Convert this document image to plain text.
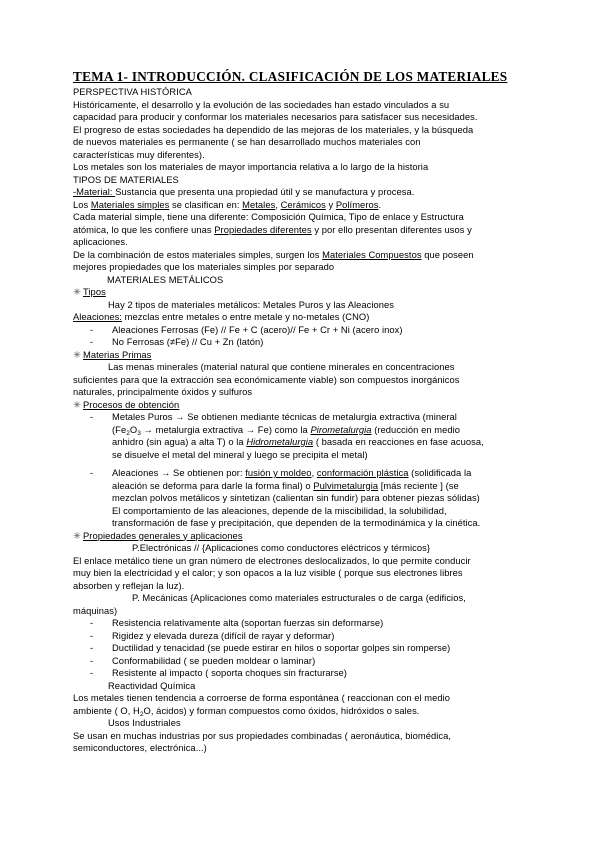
TEMA 1- INTRODUCCIÓN. CLASIFICACIÓN DE LOS MATERIALES
PERSPECTIVA HISTÓRICA
Históricamente, el desarrollo y la evolución de las sociedades han estado vinculados a su
capacidad para producir y conformar los materiales necesarios para satisfacer sus necesidades.
El progreso de estas sociedades ha dependido de las mejoras de los materiales, y la búsqueda
de nuevos materiales es permanente ( se han desarrollado muchos materiales con
características muy diferentes).
Los metales son los materiales de mayor importancia relativa a lo largo de la historia
TIPOS DE MATERIALES
-Material: Sustancia que presenta una propiedad útil y se manufactura y procesa.
Los Materiales simples se clasifican en: Metales, Cerámicos y Polímeros.
Cada material simple, tiene una diferente: Composición Química, Tipo de enlace y Estructura
atómica, lo que les confiere unas Propiedades diferentes y por ello presentan diferentes usos y
aplicaciones.
De la combinación de estos materiales simples, surgen los Materiales Compuestos que poseen
mejores propiedades que los materiales simples por separado
MATERIALES METÁLICOS
✳ Tipos
Hay 2 tipos de materiales metálicos: Metales Puros y las Aleaciones
Aleaciones: mezclas entre metales o entre metale y no-metales (CNO)
- Aleaciones Ferrosas (Fe) // Fe + C (acero)// Fe + Cr + Ni (acero inox)
- No Ferrosas (≠Fe) // Cu + Zn (latón)
✳ Materias Primas
Las menas minerales (material natural que contiene minerales en concentraciones
suficientes para que la extracción sea económicamente viable) son compuestos inorgánicos
naturales, principalmente óxidos y sulfuros
✳ Procesos de obtención
- Metales Puros → Se obtienen mediante técnicas de metalurgia extractiva (mineral
($Fe_2O_3$ → metalurgia extractiva → Fe) como la Pirometalurgia (reducción en medio
anhidro (sin agua) a alta T) o la Hidrometalurgia ( basada en reacciones en fase acuosa,
se disuelve el metal del mineral y luego se precipita el metal)
- Aleaciones → Se obtienen por: fusión y moldeo, conformación plástica (solidificada la
aleación se deforma para darle la forma final) o Pulvimetalurgia [más reciente ] (se
mezclan polvos metálicos y sintetizan (calientan sin fundir) para obtener piezas sólidas)
El comportamiento de las aleaciones, depende de la miscibilidad, la solubilidad,
transformación de fase y precipitación, que dependen de la termodinámica y la cinética.
✳ Propiedades generales y aplicaciones
P.Electrónicas // {Aplicaciones como conductores eléctricos y térmicos}
El enlace metálico tiene un gran número de electrones deslocalizados, lo que permite conducir
muy bien la electricidad y el calor; y son opacos a la luz visible ( porque sus electrones libres
absorben y reflejan la luz).
P. Mecánicas {Aplicaciones como materiales estructurales o de carga (edificios,
máquinas)
- Resistencia relativamente alta (soportan fuerzas sin deformarse)
- Rigidez y elevada dureza (difícil de rayar y deformar)
- Ductilidad y tenacidad (se puede estirar en hilos o soportar golpes sin romperse)
- Conformabilidad ( se pueden moldear o laminar)
- Resistente al impacto ( soporta choques sin fracturarse)
Reactividad Química
Los metales tienen tendencia a corroerse de forma espontánea ( reaccionan con el medio
ambiente ( O, $H_2O$, ácidos) y forman compuestos como óxidos, hidróxidos o sales.
Usos Industriales
Se usan en muchas industrias por sus propiedades combinadas ( aeronáutica, biomédica,
semiconductores, electrónica...)
